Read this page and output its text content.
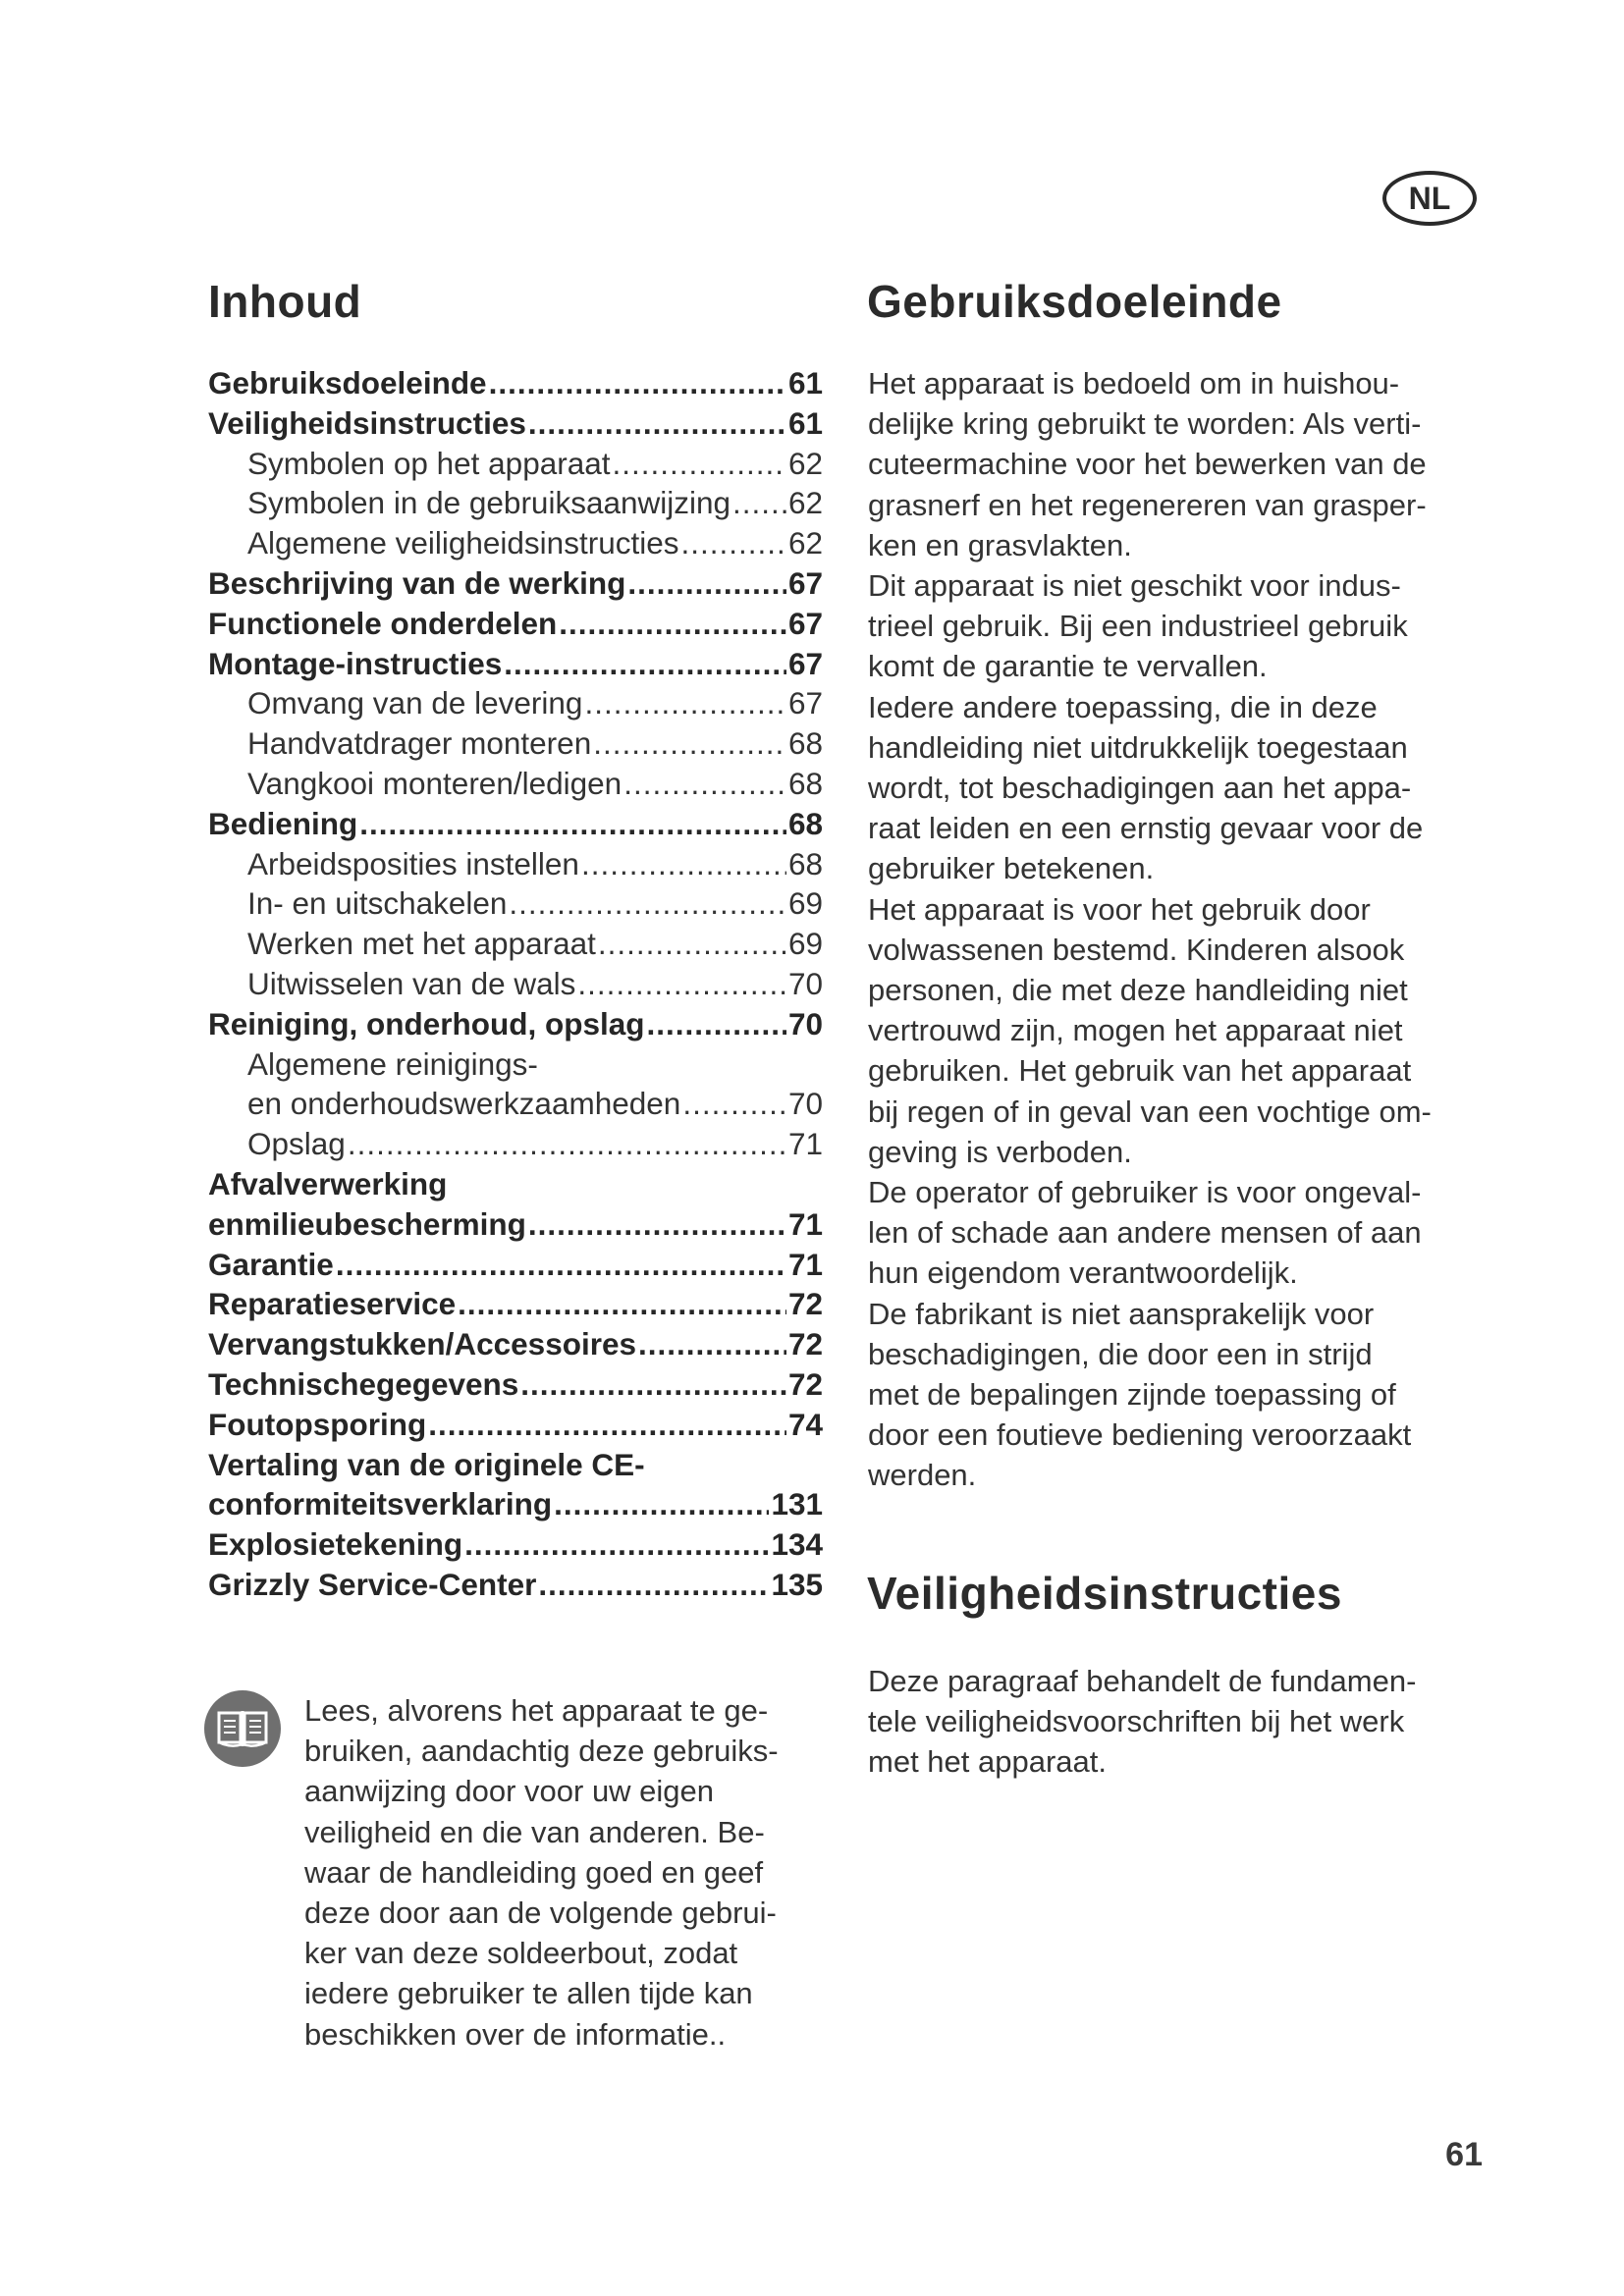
NL
Inhoud
Gebruiksdoeleinde .....	61
Veiligheidsinstructies .....	61
Symbolen op het apparaat .....	62
Symbolen in de gebruiksaanwijzing ..... 62
Algemene veiligheidsinstructies .....	62
Beschrijving van de werking .....	67
Functionele onderdelen .....	67
Montage-instructies .....	67
Omvang van de levering .....	67
Handvatdrager monteren .....	68
Vangkooi monteren/ledigen .....	68
Bediening .....	68
Arbeidsposities instellen .....	68
In- en uitschakelen .....	69
Werken met het apparaat .....	69
Uitwisselen van de wals .....	70
Reiniging, onderhoud, opslag .....	70
Algemene reinigings-
en onderhoudswerkzaamheden .....	70
Opslag .....	71
Afvalverwerking
enmilieubescherming .....	71
Garantie .....	71
Reparatieservice .....	72
Vervangstukken/Accessoires .....	72
Technischegegevens .....	72
Foutopsporing .....	74
Vertaling van de originele CE-
conformiteitsverklaring .....	131
Explosietekening .....	134
Grizzly Service-Center .....	135

Lees, alvorens het apparaat te ge-

bruiken, aandachtig deze gebruiks-

aanwijzing door voor uw eigen

veiligheid en die van anderen. Be-

waar de handleiding goed en geef

deze door aan de volgende gebrui-

ker van deze soldeerbout, zodat

iedere gebruiker te allen tijde kan

beschikken over de informatie..

Gebruiksdoeleinde

Het apparaat is bedoeld om in huishou-

delijke kring gebruikt te worden: Als verti-

cuteermachine voor het bewerken van de

grasnerf en het regenereren van grasper-

ken en grasvlakten.

Dit apparaat is niet geschikt voor indus-

trieel gebruik. Bij een industrieel gebruik

komt de garantie te vervallen.

Iedere andere toepassing, die in deze

handleiding niet uitdrukkelijk toegestaan

wordt, tot beschadigingen aan het appa-

raat leiden en een ernstig gevaar voor de

gebruiker betekenen.

Het apparaat is voor het gebruik door

volwassenen bestemd. Kinderen alsook

personen, die met deze handleiding niet

vertrouwd zijn, mogen het apparaat niet

gebruiken. Het gebruik van het apparaat

bij regen of in geval van een vochtige om-

geving is verboden.

De operator of gebruiker is voor ongeval-

len of schade aan andere mensen of aan

hun eigendom verantwoordelijk.

De fabrikant is niet aansprakelijk voor

beschadigingen, die door een in strijd

met de bepalingen zijnde toepassing of

door een foutieve bediening veroorzaakt

werden.

Veiligheidsinstructies

Deze paragraaf behandelt de fundamen-

tele veiligheidsvoorschriften bij het werk

met het apparaat.

61
